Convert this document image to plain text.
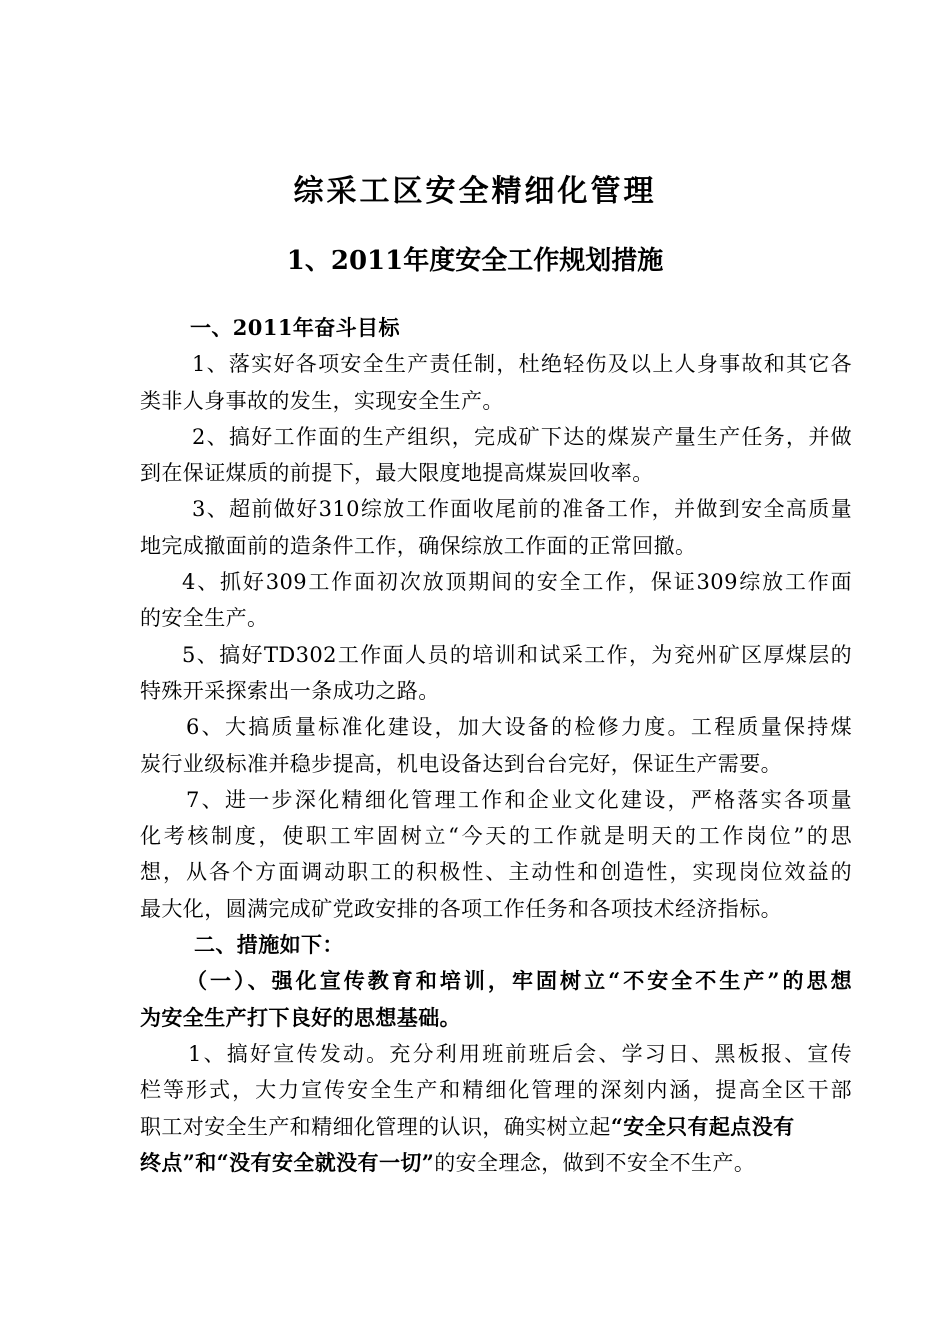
综采工区安全精细化管理
1、2011年度安全工作规划措施
一、2011年奋斗目标
1、落实好各项安全生产责任制，杜绝轻伤及以上人身事故和其它各
类非人身事故的发生，实现安全生产。
2、搞好工作面的生产组织，完成矿下达的煤炭产量生产任务，并做
到在保证煤质的前提下，最大限度地提高煤炭回收率。
3、超前做好310综放工作面收尾前的准备工作，并做到安全高质量
地完成撤面前的造条件工作，确保综放工作面的正常回撤。
4、抓好309工作面初次放顶期间的安全工作，保证309综放工作面
的安全生产。
5、搞好TD302工作面人员的培训和试采工作，为兖州矿区厚煤层的
特殊开采探索出一条成功之路。
6、大搞质量标准化建设，加大设备的检修力度。工程质量保持煤
炭行业级标准并稳步提高，机电设备达到台台完好，保证生产需要。
7、进一步深化精细化管理工作和企业文化建设，严格落实各项量
化考核制度，使职工牢固树立“今天的工作就是明天的工作岗位”的思
想，从各个方面调动职工的积极性、主动性和创造性，实现岗位效益的
最大化，圆满完成矿党政安排的各项工作任务和各项技术经济指标。
二、措施如下：
（一）、强化宣传教育和培训，牢固树立“不安全不生产”的思想
为安全生产打下良好的思想基础。
1、搞好宣传发动。充分利用班前班后会、学习日、黑板报、宣传
栏等形式，大力宣传安全生产和精细化管理的深刻内涵，提高全区干部
职工对安全生产和精细化管理的认识，确实树立起“安全只有起点没有
终点”和“没有安全就没有一切”的安全理念，做到不安全不生产。
